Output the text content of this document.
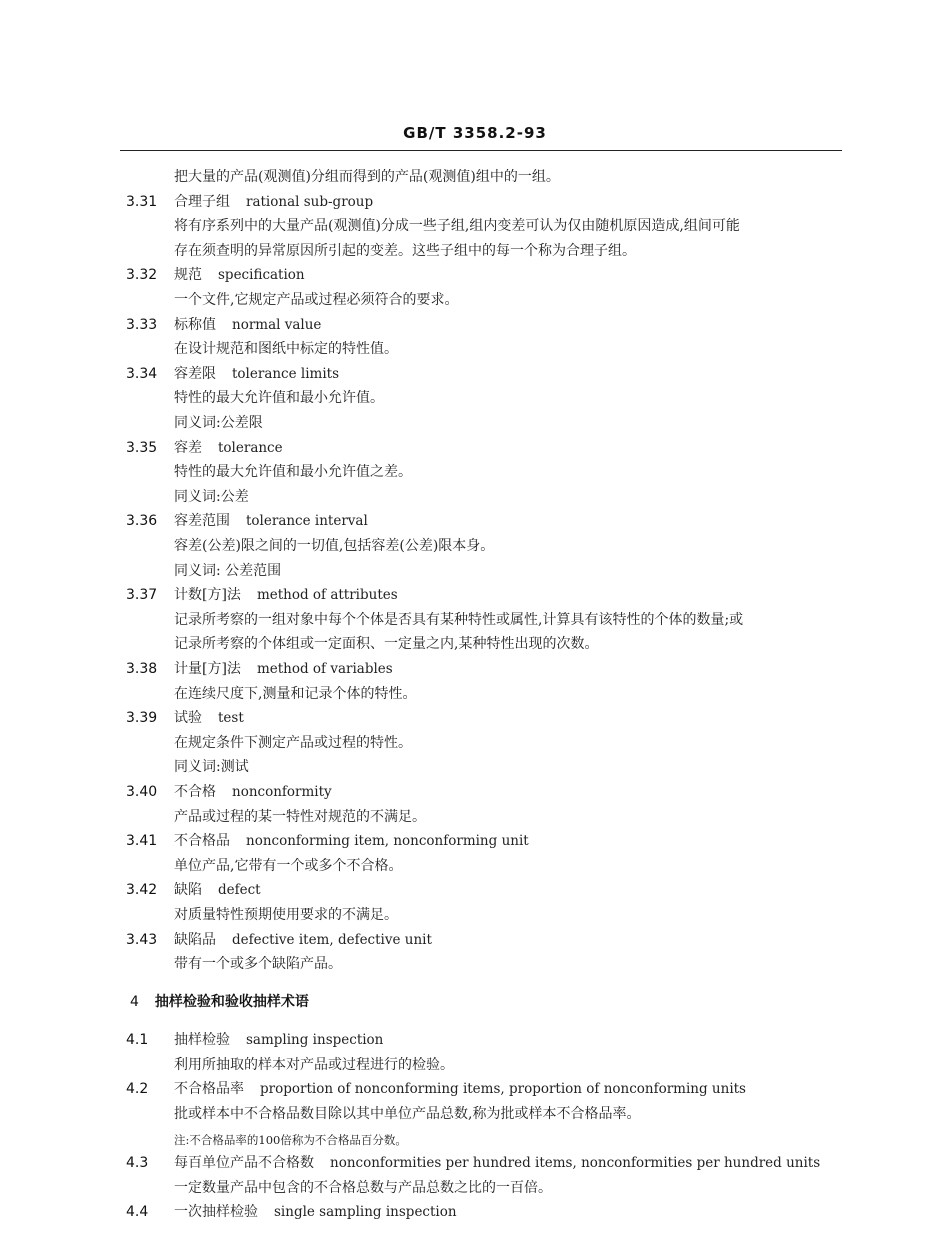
GB/T 3358.2-93
把大量的产品(观测值)分组而得到的产品(观测值)组中的一组。
3.31 合理子组 rational sub-group
将有序系列中的大量产品(观测值)分成一些子组,组内变差可认为仅由随机原因造成,组间可能
存在须查明的异常原因所引起的变差。这些子组中的每一个称为合理子组。
3.32 规范 specification
一个文件,它规定产品或过程必须符合的要求。
3.33 标称值 normal value
在设计规范和图纸中标定的特性值。
3.34 容差限 tolerance limits
特性的最大允许值和最小允许值。
同义词:公差限
3.35 容差 tolerance
特性的最大允许值和最小允许值之差。
同义词:公差
3.36 容差范围 tolerance interval
容差(公差)限之间的一切值,包括容差(公差)限本身。
同义词: 公差范围
3.37 计数[方]法 method of attributes
记录所考察的一组对象中每个个体是否具有某种特性或属性,计算具有该特性的个体的数量;或
记录所考察的个体组或一定面积、一定量之内,某种特性出现的次数。
3.38 计量[方]法 method of variables
在连续尺度下,测量和记录个体的特性。
3.39 试验 test
在规定条件下测定产品或过程的特性。
同义词:测试
3.40 不合格 nonconformity
产品或过程的某一特性对规范的不满足。
3.41 不合格品 nonconforming item, nonconforming unit
单位产品,它带有一个或多个不合格。
3.42 缺陷 defect
对质量特性预期使用要求的不满足。
3.43 缺陷品 defective item, defective unit
带有一个或多个缺陷产品。
4 抽样检验和验收抽样术语
4.1 抽样检验 sampling inspection
利用所抽取的样本对产品或过程进行的检验。
4.2 不合格品率 proportion of nonconforming items, proportion of nonconforming units
批或样本中不合格品数目除以其中单位产品总数,称为批或样本不合格品率。
注:不合格品率的100倍称为不合格品百分数。
4.3 每百单位产品不合格数 nonconformities per hundred items, nonconformities per hundred units
一定数量产品中包含的不合格总数与产品总数之比的一百倍。
4.4 一次抽样检验 single sampling inspection
